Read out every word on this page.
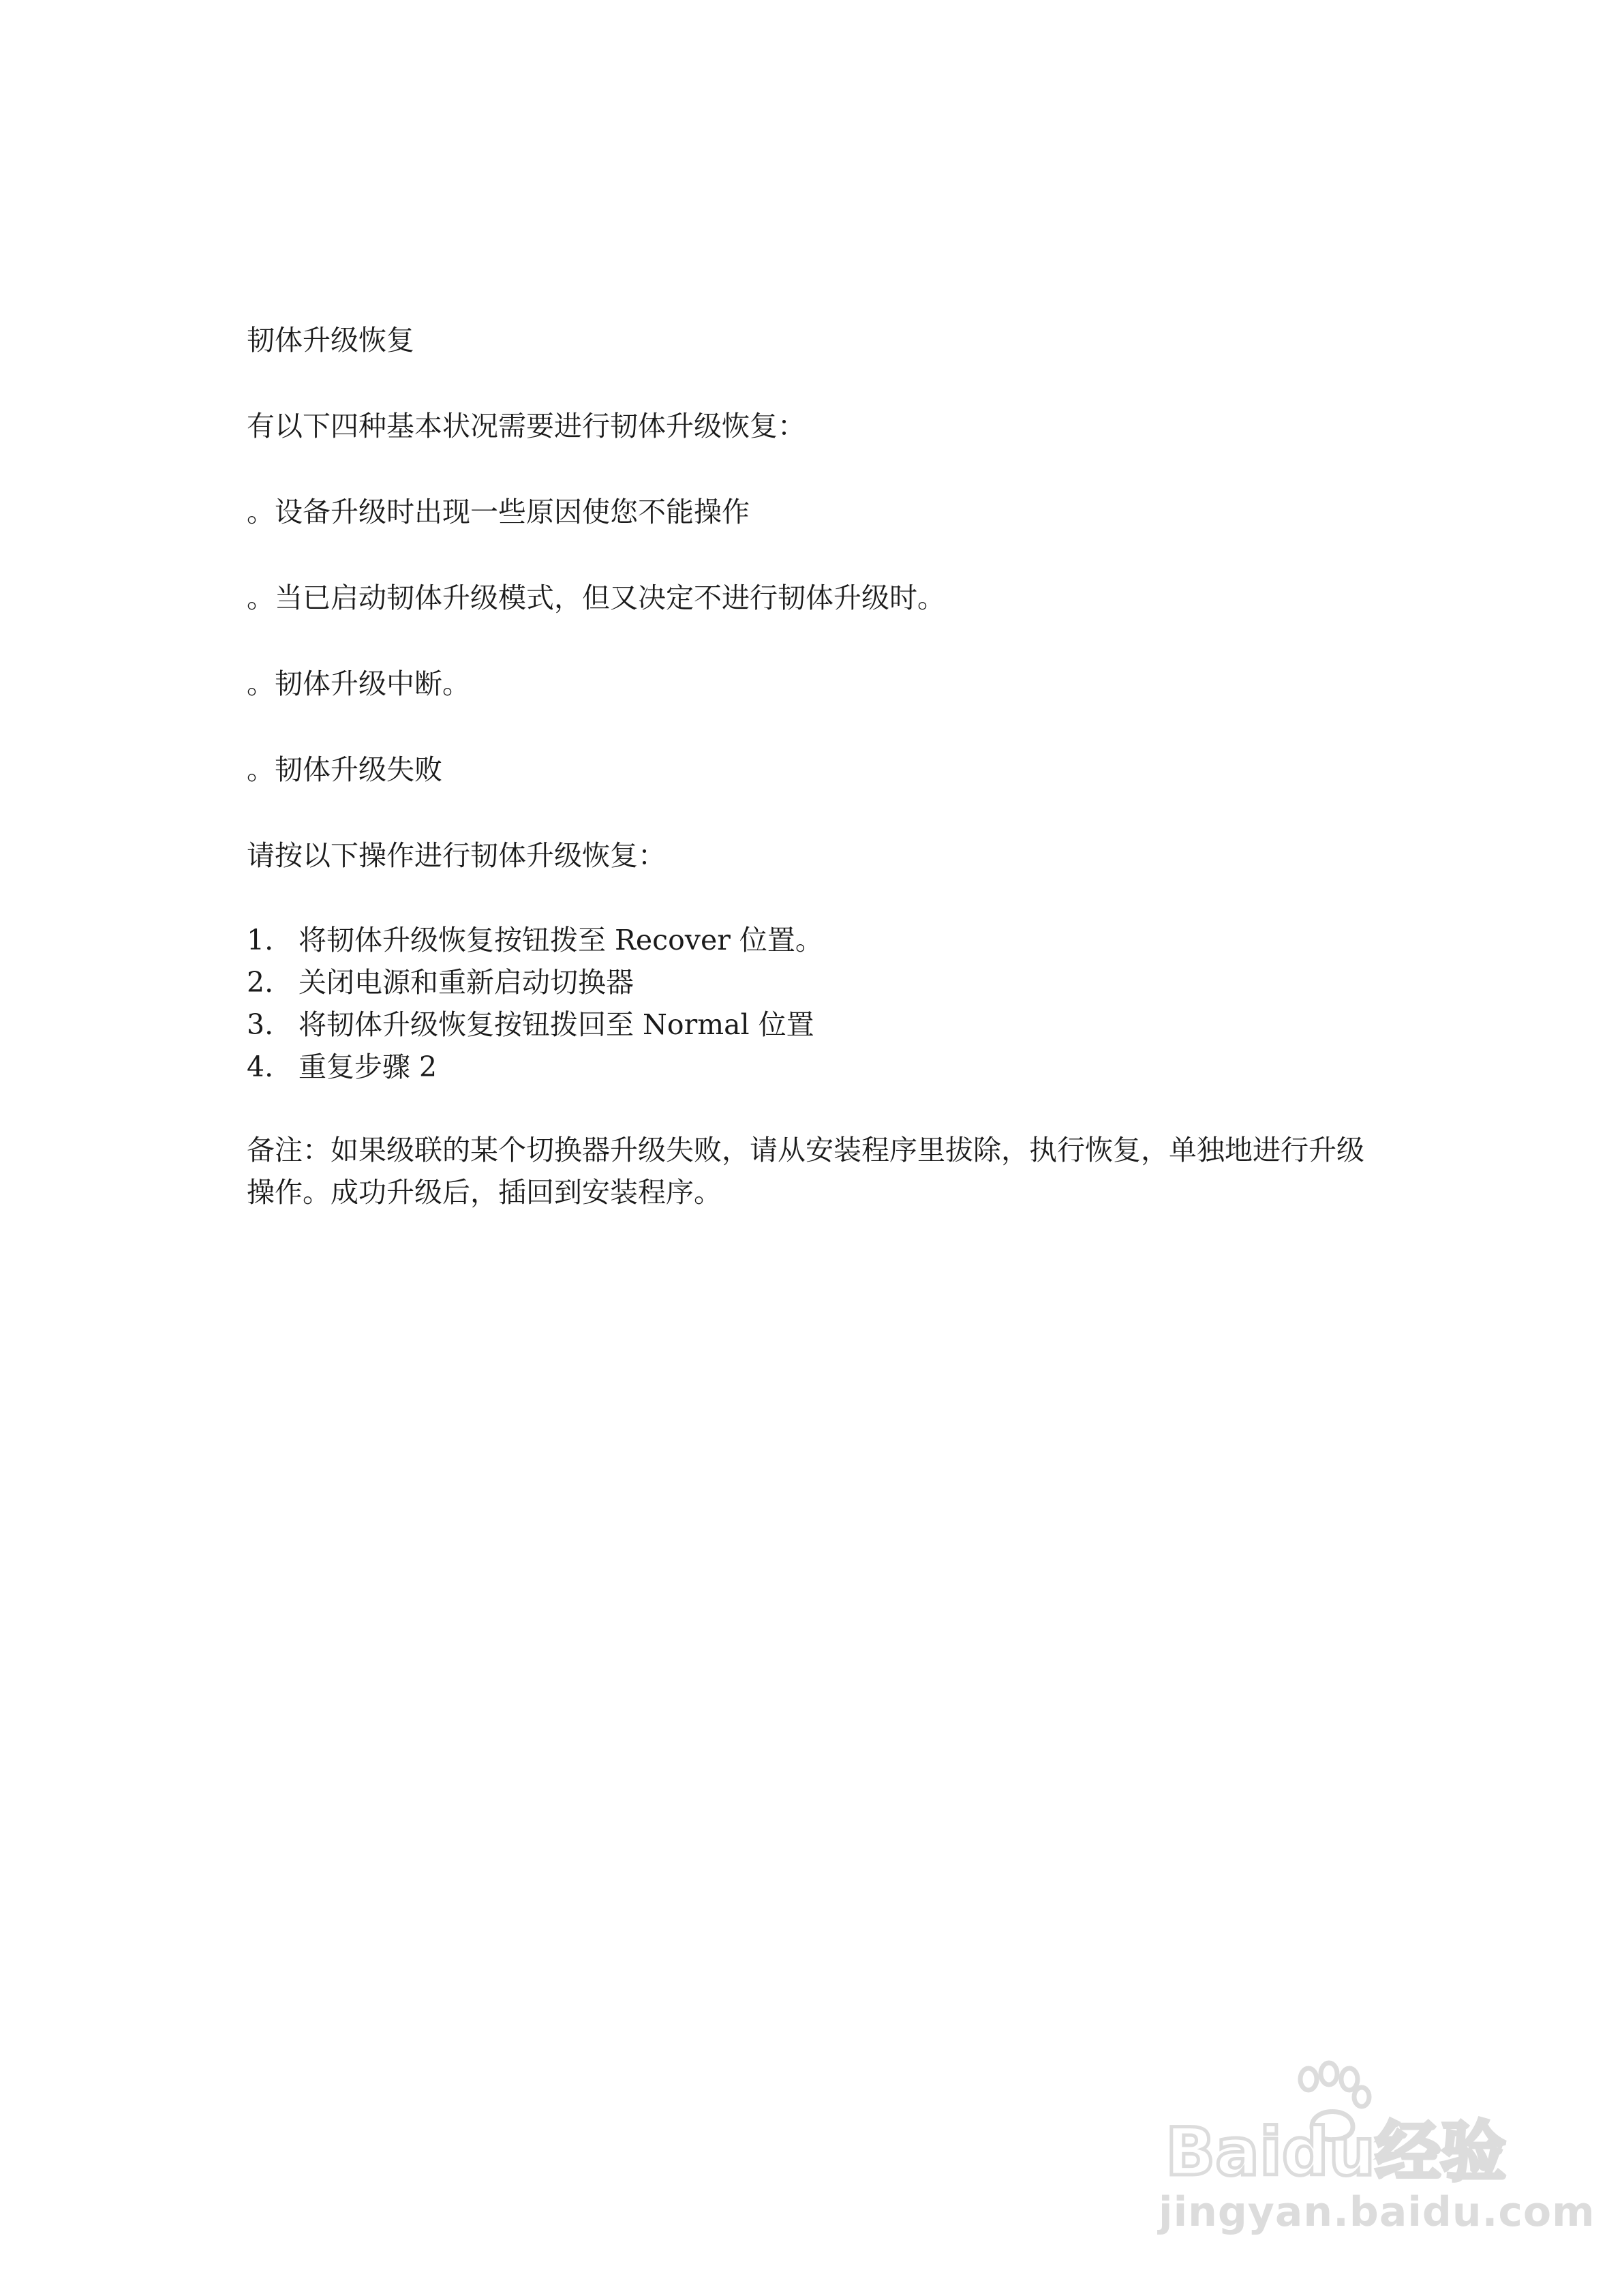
韧体升级恢复

有以下四种基本状况需要进行韧体升级恢复：

。设备升级时出现一些原因使您不能操作

。当已启动韧体升级模式，但又决定不进行韧体升级时。

。韧体升级中断。

。韧体升级失败

请按以下操作进行韧体升级恢复：

1. 将韧体升级恢复按钮拨至 Recover 位置。
2. 关闭电源和重新启动切换器
3. 将韧体升级恢复按钮拨回至 Normal 位置
4. 重复步骤 2

备注：如果级联的某个切换器升级失败，请从安装程序里拔除，执行恢复，单独地进行升级
操作。成功升级后，插回到安装程序。

Baidu经验
jingyan.baidu.com
